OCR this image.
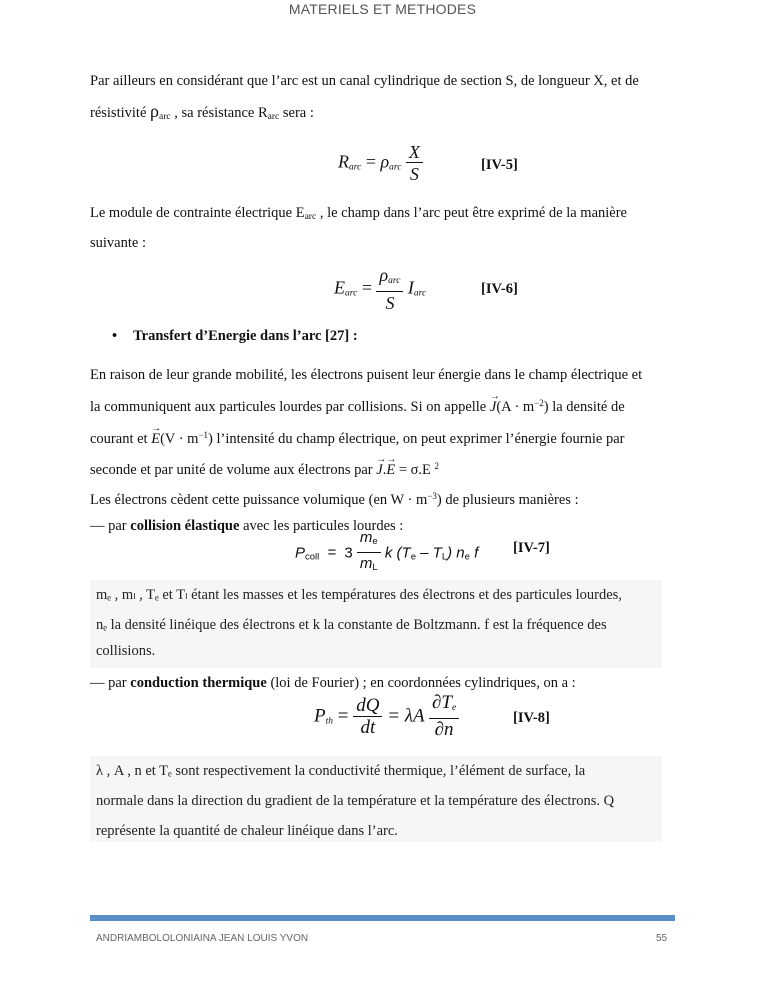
MATERIELS ET METHODES
Par ailleurs en considérant que l’arc est un canal cylindrique de section S, de longueur X, et de
résistivité $\rho_{arc}$ , sa résistance $R_{arc}$ sera :
$R_{arc} = \rho_{arc} \frac{X}{S}$	[IV-5]
Le module de contrainte électrique $E_{arc}$ , le champ dans l’arc peut être exprimé de la manière
suivante :
$E_{arc} = \frac{\rho_{arc}}{S} I_{arc}$	[IV-6]
• Transfert d’Energie dans l’arc [27] :
En raison de leur grande mobilité, les électrons puisent leur énergie dans le champ électrique et
la communiquent aux particules lourdes par collisions. Si on appelle → $J(A \cdot m^{-2})$ la densité de
courant et → $E(V \cdot m^{-1})$ l’intensité du champ électrique, on peut exprimer l’énergie fournie par
seconde et par unité de volume aux électrons par → J.→ E = σ.E $^2$
Les électrons cèdent cette puissance volumique (en $W \cdot m^{-3}$) de plusieurs manières :
— par collision élastique avec les particules lourdes :
$P_{coll} = 3 \frac{m_e}{m_L}$ k $(T_e - T_L)$ $n_e$ f [IV-7]
mₑ , mₗ , Tₑ et Tₗ étant les masses et les températures des électrons et des particules lourdes,
nₑ la densité linéique des électrons et k la constante de Boltzmann. f est la fréquence des
collisions.
— par conduction thermique (loi de Fourier) ; en coordonnées cylindriques, on a :
$P_{th} = \frac{dQ}{dt} = \lambda A \frac{\partial T_e}{\partial n}$	[IV-8]
λ , A , n et Tₑ sont respectivement la conductivité thermique, l’élément de surface, la
normale dans la direction du gradient de la température et la température des électrons. Q
représente la quantité de chaleur linéique dans l’arc.
ANDRIAMBOLOLONIAINA JEAN LOUIS YVON	55
